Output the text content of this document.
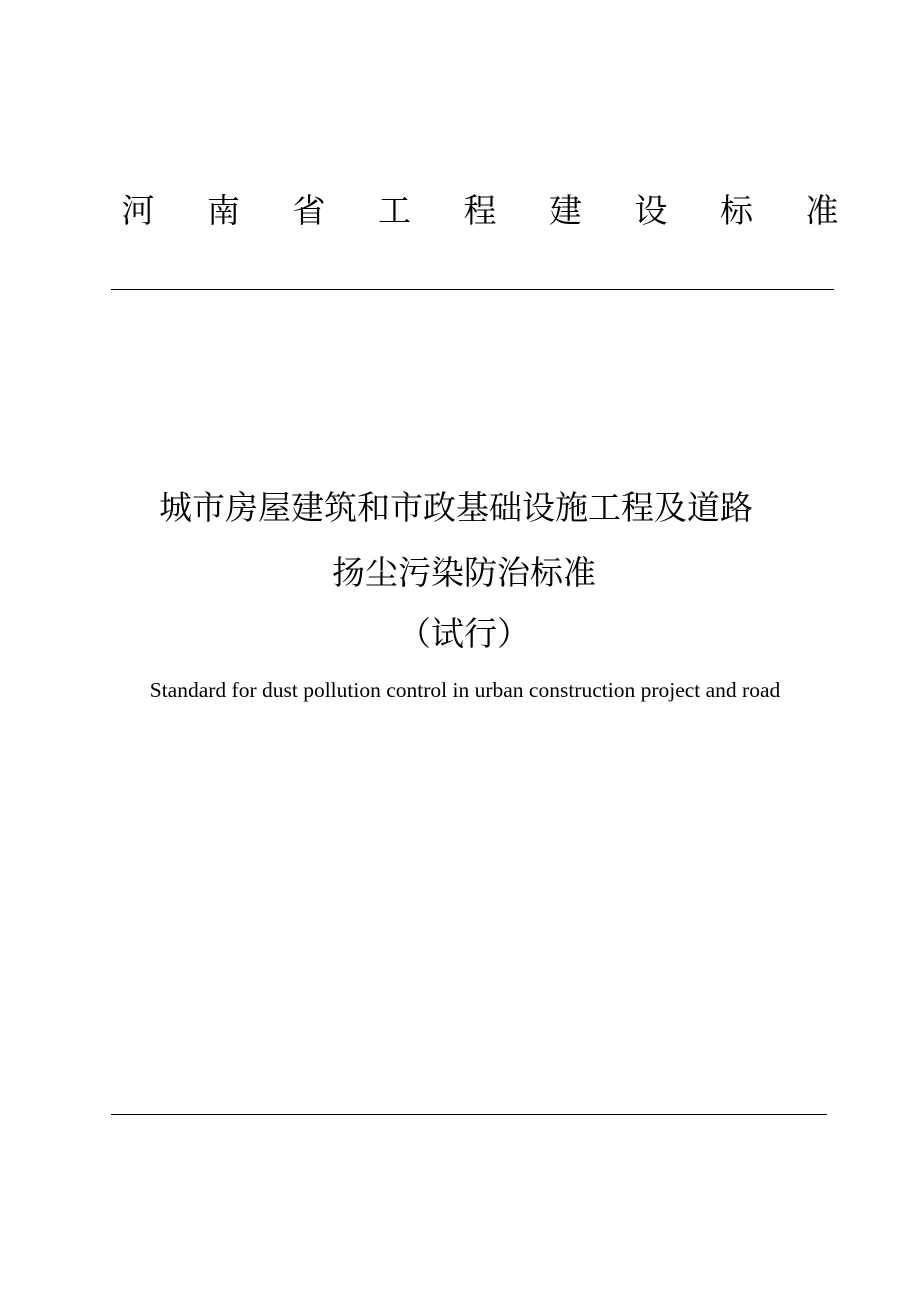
河 南 省 工 程 建 设 标 准
城市房屋建筑和市政基础设施工程及道路
扬尘污染防治标准
（试行）
Standard for dust pollution control in urban construction project and road
